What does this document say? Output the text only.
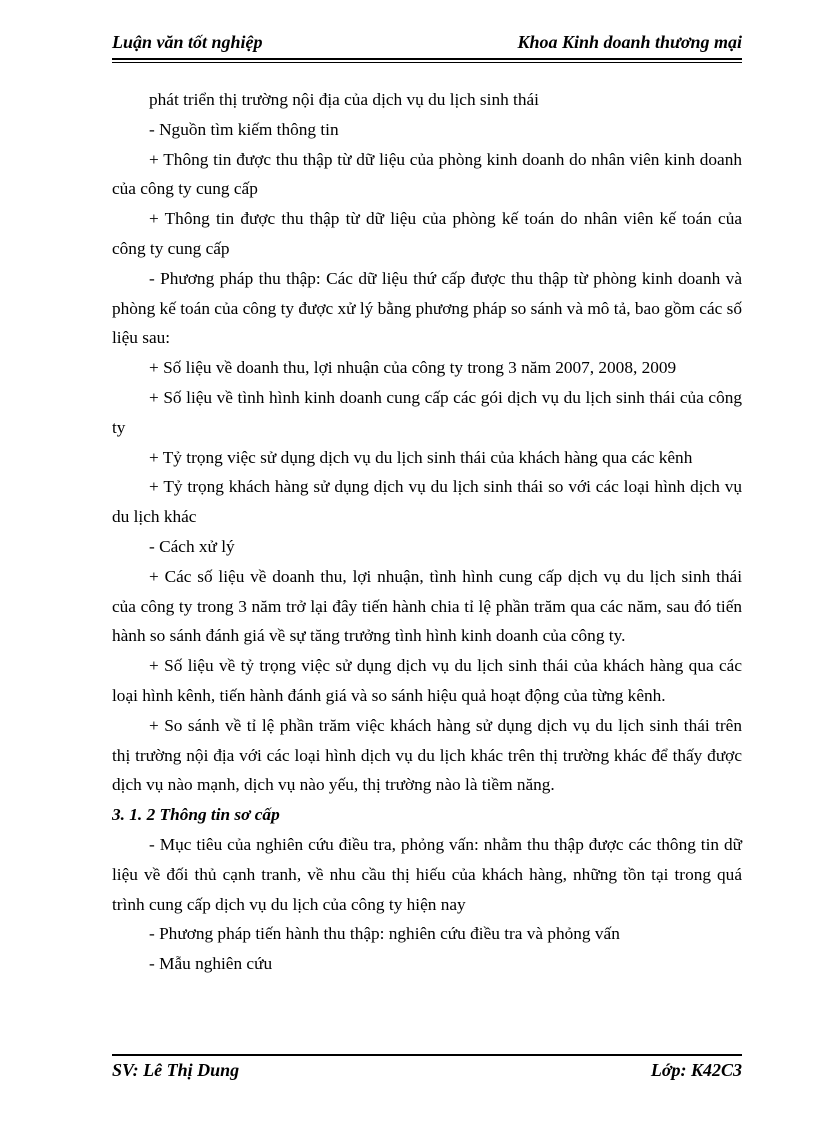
Luận văn tốt nghiệp	Khoa Kinh doanh thương mại

phát triển thị trường nội địa của dịch vụ du lịch sinh thái

- Nguồn tìm kiếm thông tin

+ Thông tin được thu thập từ dữ liệu của phòng kinh doanh do nhân viên kinh doanh của công ty cung cấp

+ Thông tin được thu thập từ dữ liệu của phòng kế toán do nhân viên kế toán của công ty cung cấp

- Phương pháp thu thập: Các dữ liệu thứ cấp được thu thập từ phòng kinh doanh và phòng kế toán của công ty được xử lý bằng phương pháp so sánh và mô tả, bao gồm các số liệu sau:

+ Số liệu về doanh thu, lợi nhuận của công ty trong 3 năm 2007, 2008, 2009

+ Số liệu về tình hình kinh doanh cung cấp các gói dịch vụ du lịch sinh thái của công ty

+ Tỷ trọng việc sử dụng dịch vụ du lịch sinh thái của khách hàng qua các kênh

+ Tỷ trọng khách hàng sử dụng dịch vụ du lịch sinh thái so với các loại hình dịch vụ du lịch khác

- Cách xử lý

+ Các số liệu về doanh thu, lợi nhuận, tình hình cung cấp dịch vụ du lịch sinh thái của công ty trong 3 năm trở lại đây tiến hành chia tỉ lệ phần trăm qua các năm, sau đó tiến hành so sánh đánh giá về sự tăng trưởng tình hình kinh doanh của công ty.

+ Số liệu về tỷ trọng việc sử dụng dịch vụ du lịch sinh thái của khách hàng qua các loại hình kênh, tiến hành đánh giá và so sánh hiệu quả hoạt động của từng kênh.

+ So sánh về tỉ lệ phần trăm việc khách hàng sử dụng dịch vụ du lịch sinh thái trên thị trường nội địa với các loại hình dịch vụ du lịch khác trên thị trường khác để thấy được dịch vụ nào mạnh, dịch vụ nào yếu, thị trường nào là tiềm năng.

3. 1. 2 Thông tin sơ cấp

- Mục tiêu của nghiên cứu điều tra, phỏng vấn: nhằm thu thập được các thông tin dữ liệu về đối thủ cạnh tranh, về nhu cầu thị hiếu của khách hàng, những tồn tại trong quá trình cung cấp dịch vụ du lịch của công ty hiện nay

- Phương pháp tiến hành thu thập: nghiên cứu điều tra và phỏng vấn

- Mẫu nghiên cứu

SV: Lê Thị Dung	Lớp: K42C3
